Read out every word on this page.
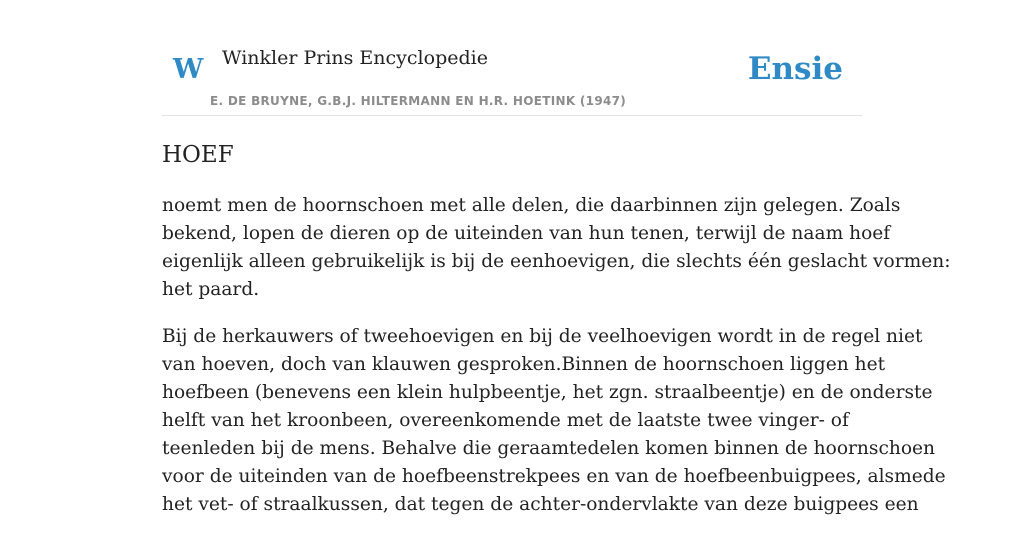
W Winkler Prins Encyclopedie
E. DE BRUYNE, G.B.J. HILTERMANN EN H.R. HOETINK (1947)
Ensie
HOEF

noemt men de hoornschoen met alle delen, die daarbinnen zijn gelegen. Zoals
bekend, lopen de dieren op de uiteinden van hun tenen, terwijl de naam hoef
eigenlijk alleen gebruikelijk is bij de eenhoevigen, die slechts één geslacht vormen:
het paard.

Bij de herkauwers of tweehoevigen en bij de veelhoevigen wordt in de regel niet
van hoeven, doch van klauwen gesproken.Binnen de hoornschoen liggen het
hoefbeen (benevens een klein hulpbeentje, het zgn. straalbeentje) en de onderste
helft van het kroonbeen, overeenkomende met de laatste twee vinger- of
teenleden bij de mens. Behalve die geraamtedelen komen binnen de hoornschoen
voor de uiteinden van de hoefbeenstrekpees en van de hoefbeenbuigpees, alsmede
het vet- of straalkussen, dat tegen de achter-ondervlakte van deze buigpees een
